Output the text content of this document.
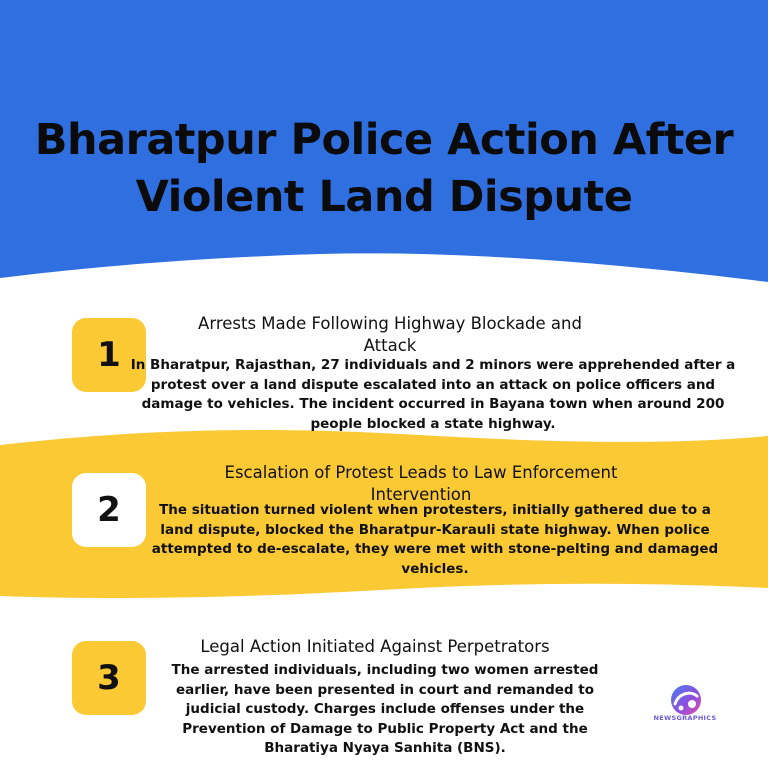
Bharatpur Police Action After Violent Land Dispute
1
Arrests Made Following Highway Blockade and Attack
In Bharatpur, Rajasthan, 27 individuals and 2 minors were apprehended after a protest over a land dispute escalated into an attack on police officers and damage to vehicles. The incident occurred in Bayana town when around 200 people blocked a state highway.
2
Escalation of Protest Leads to Law Enforcement Intervention
The situation turned violent when protesters, initially gathered due to a land dispute, blocked the Bharatpur-Karauli state highway. When police attempted to de-escalate, they were met with stone-pelting and damaged vehicles.
3
Legal Action Initiated Against Perpetrators
The arrested individuals, including two women arrested earlier, have been presented in court and remanded to judicial custody. Charges include offenses under the Prevention of Damage to Public Property Act and the Bharatiya Nyaya Sanhita (BNS).
NEWSGRAPHICS
